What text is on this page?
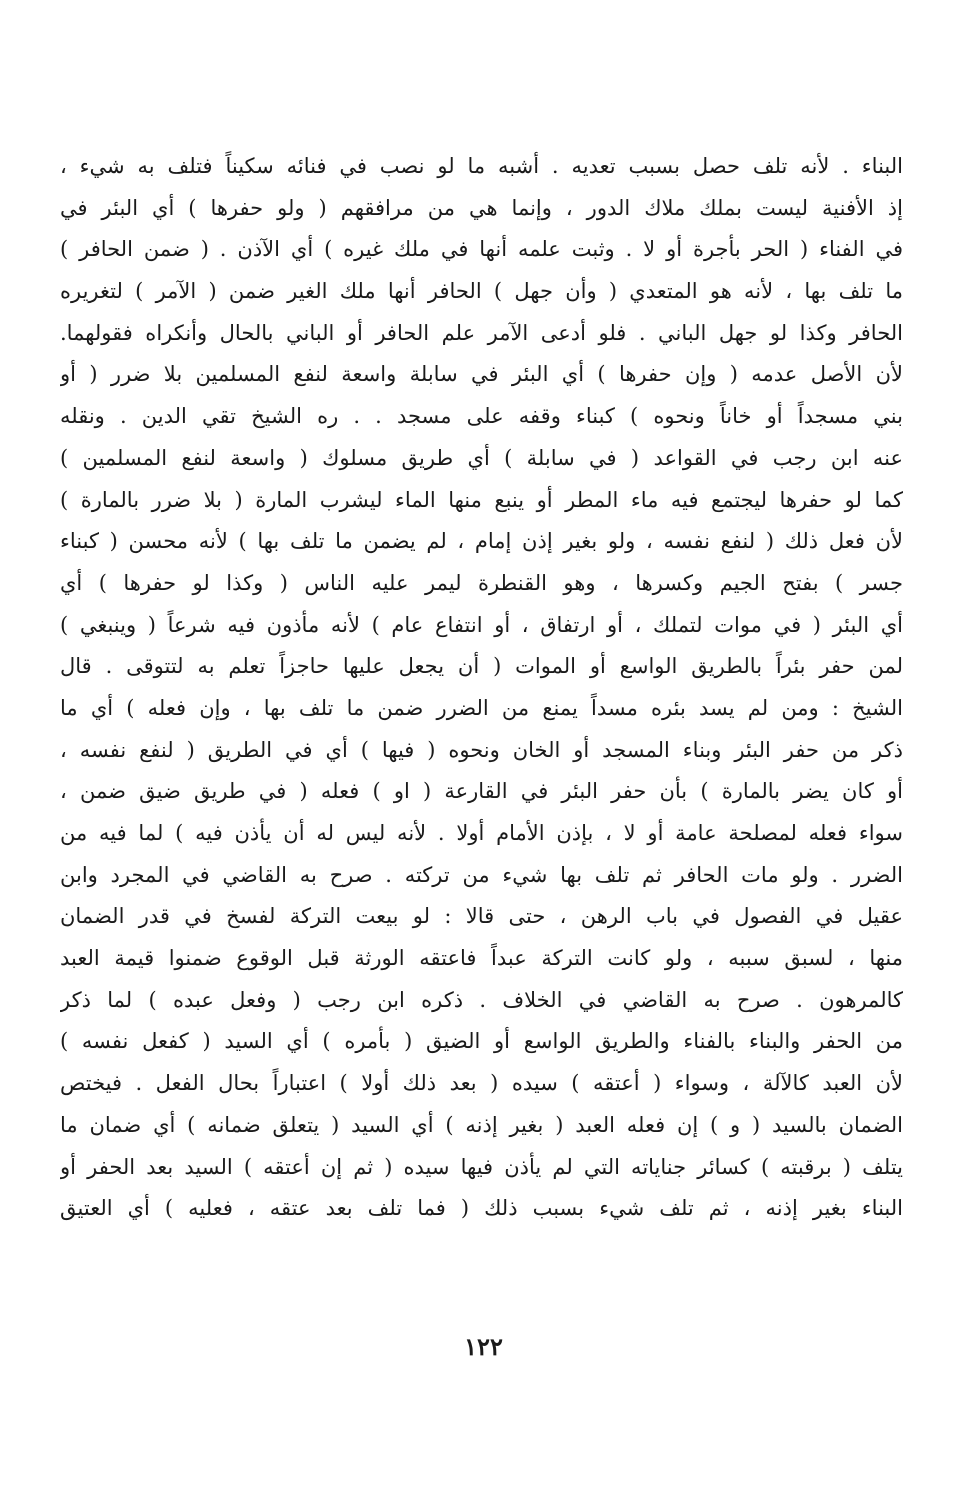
البناء . لأنه تلف حصل بسبب تعديه . أشبه ما لو نصب في فنائه سكيناً فتلف به شيء ،
إذ الأفنية ليست بملك ملاك الدور ، وإنما هي من مرافقهم ( ولو حفرها ) أي البئر في
في الفناء ( الحر بأجرة أو لا . وثبت علمه أنها في ملك غيره ) أي الآذن . ( ضمن الحافر )
ما تلف بها ، لأنه هو المتعدي ( وأن جهل ) الحافر أنها ملك الغير ضمن ( الآمر ) لتغريره
الحافر وكذا لو جهل الباني . فلو أدعى الآمر علم الحافر أو الباني بالحال وأنكراه فقولهما.
لأن الأصل عدمه ( وإن حفرها ) أي البئر في سابلة واسعة لنفع المسلمين بلا ضرر ( أو
بني مسجداً أو خاناً ونحوه ) كبناء وقفه على مسجد . . ره الشيخ تقي الدين . ونقله
عنه ابن رجب في القواعد ( في سابلة ) أي طريق مسلوك ( واسعة لنفع المسلمين )
كما لو حفرها ليجتمع فيه ماء المطر أو ينبع منها الماء ليشرب المارة ( بلا ضرر بالمارة )
لأن فعل ذلك ( لنفع نفسه ، ولو بغير إذن إمام ، لم يضمن ما تلف بها ) لأنه محسن ( كبناء
جسر ) بفتح الجيم وكسرها ، وهو القنطرة ليمر عليه الناس ( وكذا لو حفرها ) أي
أي البئر ( في موات لتملك ، أو ارتفاق ، أو انتفاع عام ) لأنه مأذون فيه شرعاً ( وينبغي )
لمن حفر بئراً بالطريق الواسع أو الموات ( أن يجعل عليها حاجزاً تعلم به لتتوقى . قال
الشيخ : ومن لم يسد بئره مسداً يمنع من الضرر ضمن ما تلف بها ، وإن فعله ) أي ما
ذكر من حفر البئر وبناء المسجد أو الخان ونحوه ( فيها ) أي في الطريق ( لنفع نفسه ،
أو كان يضر بالمارة ) بأن حفر البئر في القارعة ( او ) فعله ( في طريق ضيق ضمن ،
سواء فعله لمصلحة عامة أو لا ، بإذن الأمام أولا . لأنه ليس له أن يأذن فيه ) لما فيه من
الضرر . ولو مات الحافر ثم تلف بها شيء من تركته . صرح به القاضي في المجرد وابن
عقيل في الفصول في باب الرهن ، حتى قالا : لو بيعت التركة لفسخ في قدر الضمان
منها ، لسبق سببه ، ولو كانت التركة عبداً فاعتقه الورثة قبل الوقوع ضمنوا قيمة العبد
كالمرهون . صرح به القاضي في الخلاف . ذكره ابن رجب ( وفعل عبده ) لما ذكر
من الحفر والبناء بالفناء والطريق الواسع أو الضيق ( بأمره ) أي السيد ( كفعل نفسه )
لأن العبد كالآلة ، وسواء ( أعتقه ) سيده ( بعد ذلك أولا ) اعتباراً بحال الفعل . فيختص
الضمان بالسيد ( و ) إن فعله العبد ( بغير إذنه ) أي السيد ( يتعلق ضمانه ) أي ضمان ما
يتلف ( برقبته ) كسائر جناياته التي لم يأذن فيها سيده ( ثم إن أعتقه ) السيد بعد الحفر أو
البناء بغير إذنه ، ثم تلف شيء بسبب ذلك ( فما تلف بعد عتقه ، فعليه ) أي العتيق
١٢٢
